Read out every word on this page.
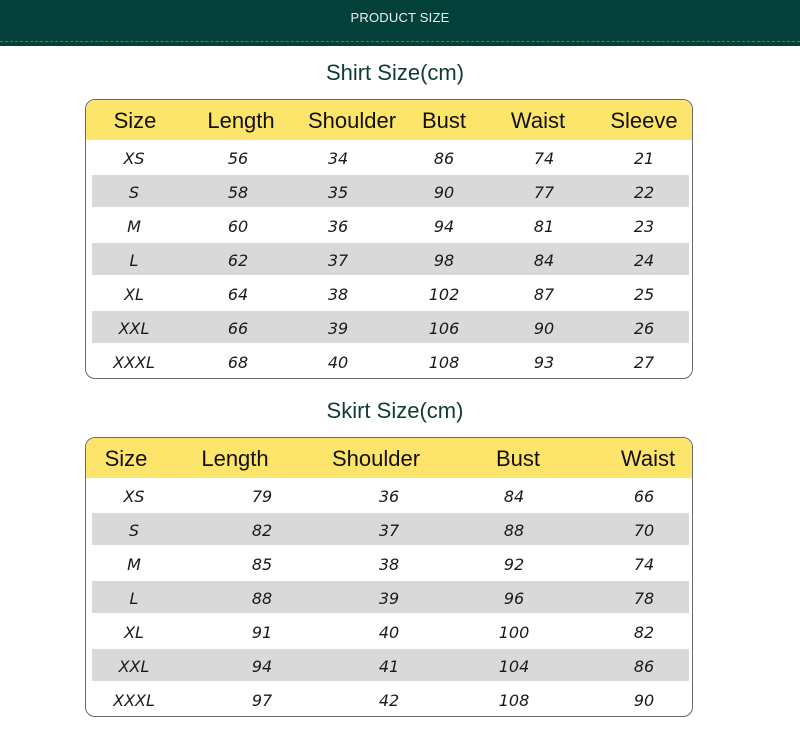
PRODUCT SIZE
Shirt Size(cm)
Size Length Shoulder Bust Waist Sleeve
XS	56	34	86	74	21
S	58	35	90	77	22
M	60	36	94	81	23
L	62	37	98	84	24
XL	64	38	102	87	25
XXL	66	39	106	90	26
XXXL	68	40	108	93	27
Skirt Size(cm)
Size Length	Shoulder	Bust	Waist
XS	79	36	84	66
S	82	37	88	70
M	85	38	92	74
L	88	39	96	78
XL	91	40	100	82
XXL	94	41	104	86
XXXL	97	42	108	90
